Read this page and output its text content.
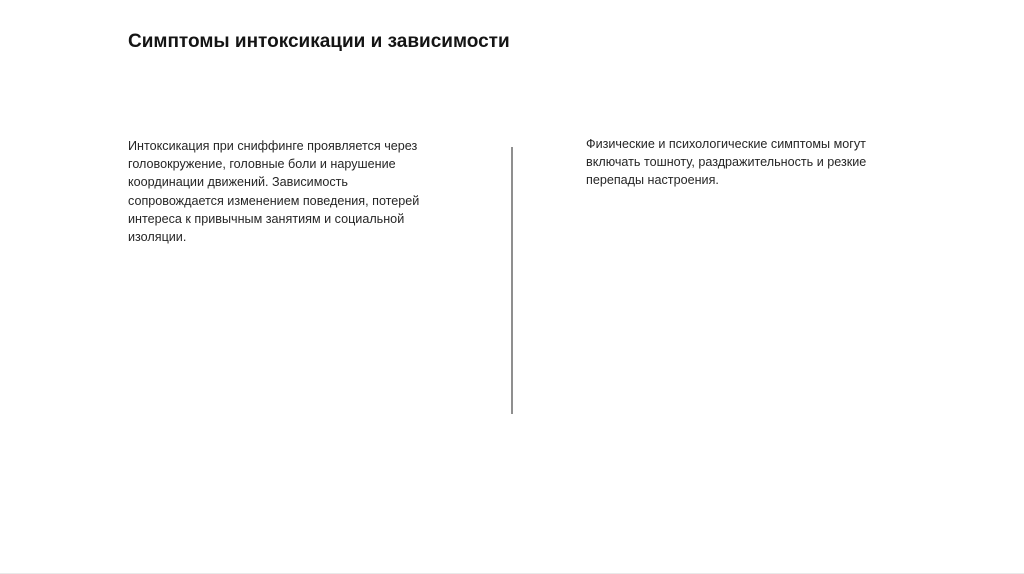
Симптомы интоксикации и зависимости

Интоксикация при сниффинге проявляется через
головокружение, головные боли и нарушение
координации движений. Зависимость
сопровождается изменением поведения, потерей
интереса к привычным занятиям и социальной
изоляции.

Физические и психологические симптомы могут
включать тошноту, раздражительность и резкие
перепады настроения.
